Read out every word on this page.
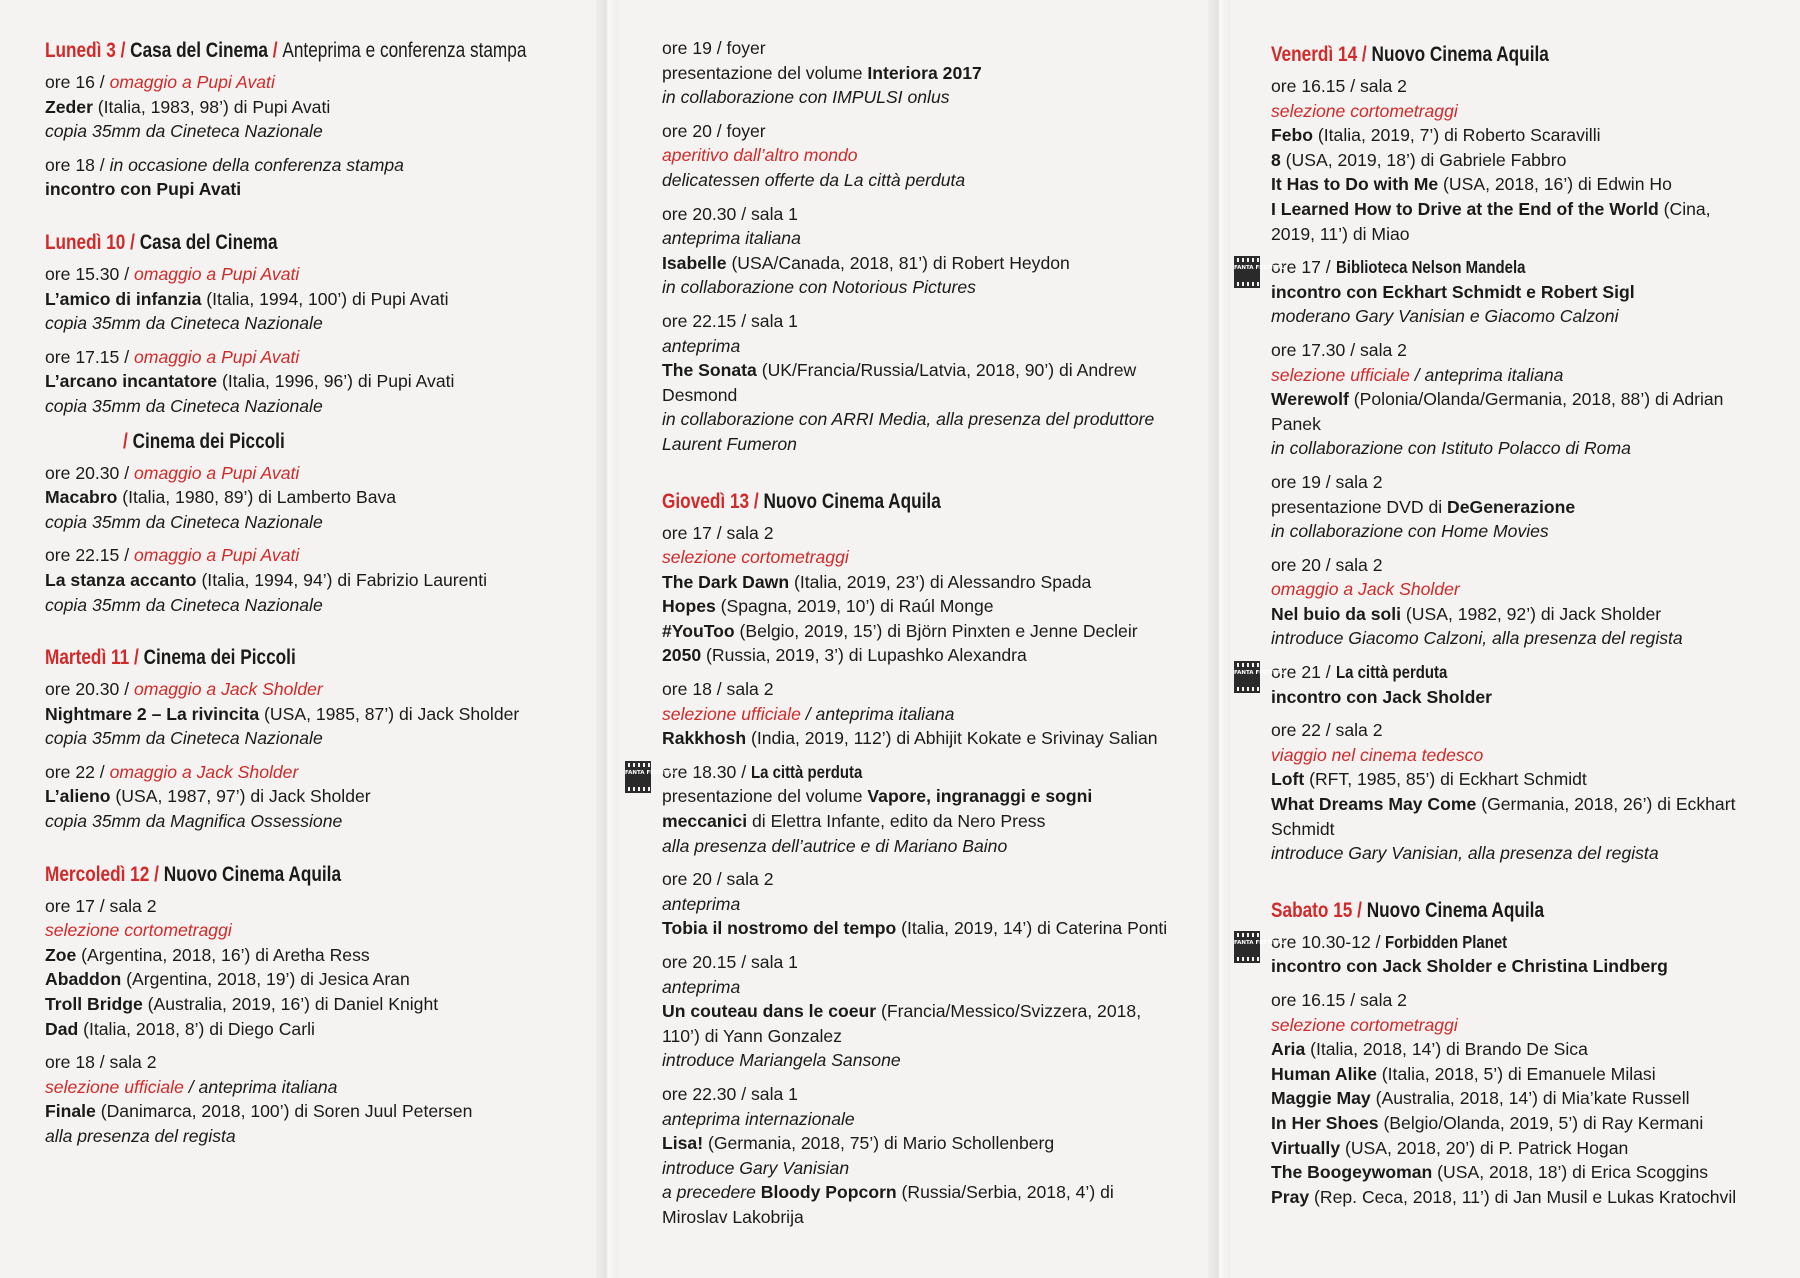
Lunedì 3 / Casa del Cinema / Anteprima e conferenza stampa
ore 16 / omaggio a Pupi Avati
Zeder (Italia, 1983, 98’) di Pupi Avati
copia 35mm da Cineteca Nazionale
ore 18 / in occasione della conferenza stampa
incontro con Pupi Avati
Lunedì 10 / Casa del Cinema
ore 15.30 / omaggio a Pupi Avati
L’amico di infanzia (Italia, 1994, 100’) di Pupi Avati
copia 35mm da Cineteca Nazionale
ore 17.15 / omaggio a Pupi Avati
L’arcano incantatore (Italia, 1996, 96’) di Pupi Avati
copia 35mm da Cineteca Nazionale
/ Cinema dei Piccoli
ore 20.30 / omaggio a Pupi Avati
Macabro (Italia, 1980, 89’) di Lamberto Bava
copia 35mm da Cineteca Nazionale
ore 22.15 / omaggio a Pupi Avati
La stanza accanto (Italia, 1994, 94’) di Fabrizio Laurenti
copia 35mm da Cineteca Nazionale
Martedì 11 / Cinema dei Piccoli
ore 20.30 / omaggio a Jack Sholder
Nightmare 2 – La rivincita (USA, 1985, 87’) di Jack Sholder
copia 35mm da Cineteca Nazionale
ore 22 / omaggio a Jack Sholder
L’alieno (USA, 1987, 97’) di Jack Sholder
copia 35mm da Magnifica Ossessione
Mercoledì 12 / Nuovo Cinema Aquila
ore 17 / sala 2
selezione cortometraggi
Zoe (Argentina, 2018, 16’) di Aretha Ress
Abaddon (Argentina, 2018, 19’) di Jesica Aran
Troll Bridge (Australia, 2019, 16’) di Daniel Knight
Dad (Italia, 2018, 8’) di Diego Carli
ore 18 / sala 2
selezione ufficiale / anteprima italiana
Finale (Danimarca, 2018, 100’) di Soren Juul Petersen
alla presenza del regista
ore 19 / foyer
presentazione del volume Interiora 2017
in collaborazione con IMPULSI onlus
ore 20 / foyer
aperitivo dall’altro mondo
delicatessen offerte da La città perduta
ore 20.30 / sala 1
anteprima italiana
Isabelle (USA/Canada, 2018, 81’) di Robert Heydon
in collaborazione con Notorious Pictures
ore 22.15 / sala 1
anteprima
The Sonata (UK/Francia/Russia/Latvia, 2018, 90’) di Andrew
Desmond
in collaborazione con ARRI Media, alla presenza del produttore
Laurent Fumeron
Giovedì 13 / Nuovo Cinema Aquila
ore 17 / sala 2
selezione cortometraggi
The Dark Dawn (Italia, 2019, 23’) di Alessandro Spada
Hopes (Spagna, 2019, 10’) di Raúl Monge
#YouToo (Belgio, 2019, 15’) di Björn Pinxten e Jenne Decleir
2050 (Russia, 2019, 3’) di Lupashko Alexandra
ore 18 / sala 2
selezione ufficiale / anteprima italiana
Rakkhosh (India, 2019, 112’) di Abhijit Kokate e Srivinay Salian
FANTA FESTIVAL
ore 18.30 / La città perduta
presentazione del volume Vapore, ingranaggi e sogni
meccanici di Elettra Infante, edito da Nero Press
alla presenza dell’autrice e di Mariano Baino
ore 20 / sala 2
anteprima
Tobia il nostromo del tempo (Italia, 2019, 14’) di Caterina Ponti
ore 20.15 / sala 1
anteprima
Un couteau dans le coeur (Francia/Messico/Svizzera, 2018,
110’) di Yann Gonzalez
introduce Mariangela Sansone
ore 22.30 / sala 1
anteprima internazionale
Lisa! (Germania, 2018, 75’) di Mario Schollenberg
introduce Gary Vanisian
a precedere Bloody Popcorn (Russia/Serbia, 2018, 4’) di
Miroslav Lakobrija
Venerdì 14 / Nuovo Cinema Aquila
ore 16.15 / sala 2
selezione cortometraggi
Febo (Italia, 2019, 7’) di Roberto Scaravilli
8 (USA, 2019, 18’) di Gabriele Fabbro
It Has to Do with Me (USA, 2018, 16’) di Edwin Ho
I Learned How to Drive at the End of the World (Cina,
2019, 11’) di Miao
FANTA FESTIVAL
ore 17 / Biblioteca Nelson Mandela
incontro con Eckhart Schmidt e Robert Sigl
moderano Gary Vanisian e Giacomo Calzoni
ore 17.30 / sala 2
selezione ufficiale / anteprima italiana
Werewolf (Polonia/Olanda/Germania, 2018, 88’) di Adrian
Panek
in collaborazione con Istituto Polacco di Roma
ore 19 / sala 2
presentazione DVD di DeGenerazione
in collaborazione con Home Movies
ore 20 / sala 2
omaggio a Jack Sholder
Nel buio da soli (USA, 1982, 92’) di Jack Sholder
introduce Giacomo Calzoni, alla presenza del regista
FANTA FESTIVAL
ore 21 / La città perduta
incontro con Jack Sholder
ore 22 / sala 2
viaggio nel cinema tedesco
Loft (RFT, 1985, 85’) di Eckhart Schmidt
What Dreams May Come (Germania, 2018, 26’) di Eckhart
Schmidt
introduce Gary Vanisian, alla presenza del regista
Sabato 15 / Nuovo Cinema Aquila
FANTA FESTIVAL
ore 10.30-12 / Forbidden Planet
incontro con Jack Sholder e Christina Lindberg
ore 16.15 / sala 2
selezione cortometraggi
Aria (Italia, 2018, 14’) di Brando De Sica
Human Alike (Italia, 2018, 5’) di Emanuele Milasi
Maggie May (Australia, 2018, 14’) di Mia’kate Russell
In Her Shoes (Belgio/Olanda, 2019, 5’) di Ray Kermani
Virtually (USA, 2018, 20’) di P. Patrick Hogan
The Boogeywoman (USA, 2018, 18’) di Erica Scoggins
Pray (Rep. Ceca, 2018, 11’) di Jan Musil e Lukas Kratochvil
